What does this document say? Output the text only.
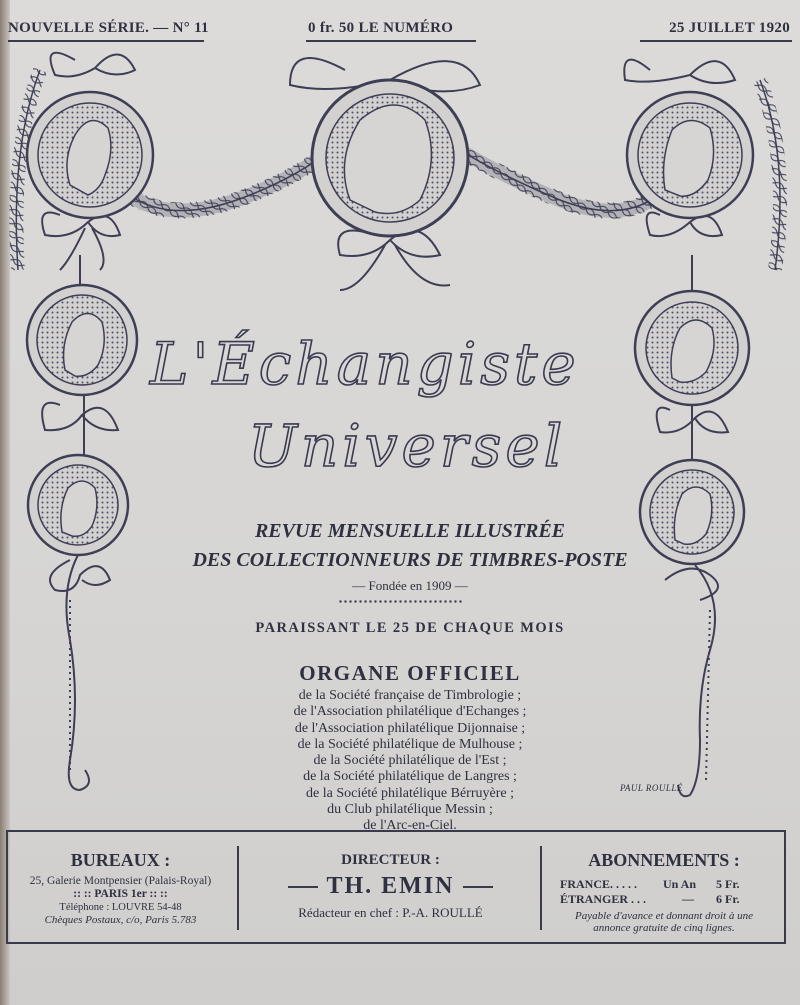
NOUVELLE SÉRIE. — N° 11	0 fr. 50 LE NUMÉRO	25 JUILLET 1920
L'Échangiste
Universel
REVUE MENSUELLE ILLUSTRÉE
DES COLLECTIONNEURS DE TIMBRES-POSTE
— Fondée en 1909 —
PARAISSANT LE 25 DE CHAQUE MOIS
ORGANE OFFICIEL
de la Société française de Timbrologie ;
de l'Association philatélique d'Echanges ;
de l'Association philatélique Dijonnaise ;
de la Société philatélique de Mulhouse ;
de la Société philatélique de l'Est ;
de la Société philatélique de Langres ;
de la Société philatélique Bérruyère ;
du Club philatélique Messin ;
de l'Arc-en-Ciel.
PAUL ROULLÉ
BUREAUX :
25, Galerie Montpensier (Palais-Royal)
:: :: PARIS 1er :: ::
Téléphone : LOUVRE 54-48
Chèques Postaux, c/o, Paris 5.783
DIRECTEUR :
TH. EMIN
Rédacteur en chef : P.-A. ROULLÉ
ABONNEMENTS :
FRANCE. . . . . Un An 5 Fr.
ÉTRANGER . . .	— 6 Fr.
Payable d'avance et donnant droit à une annonce gratuite de cinq lignes.
